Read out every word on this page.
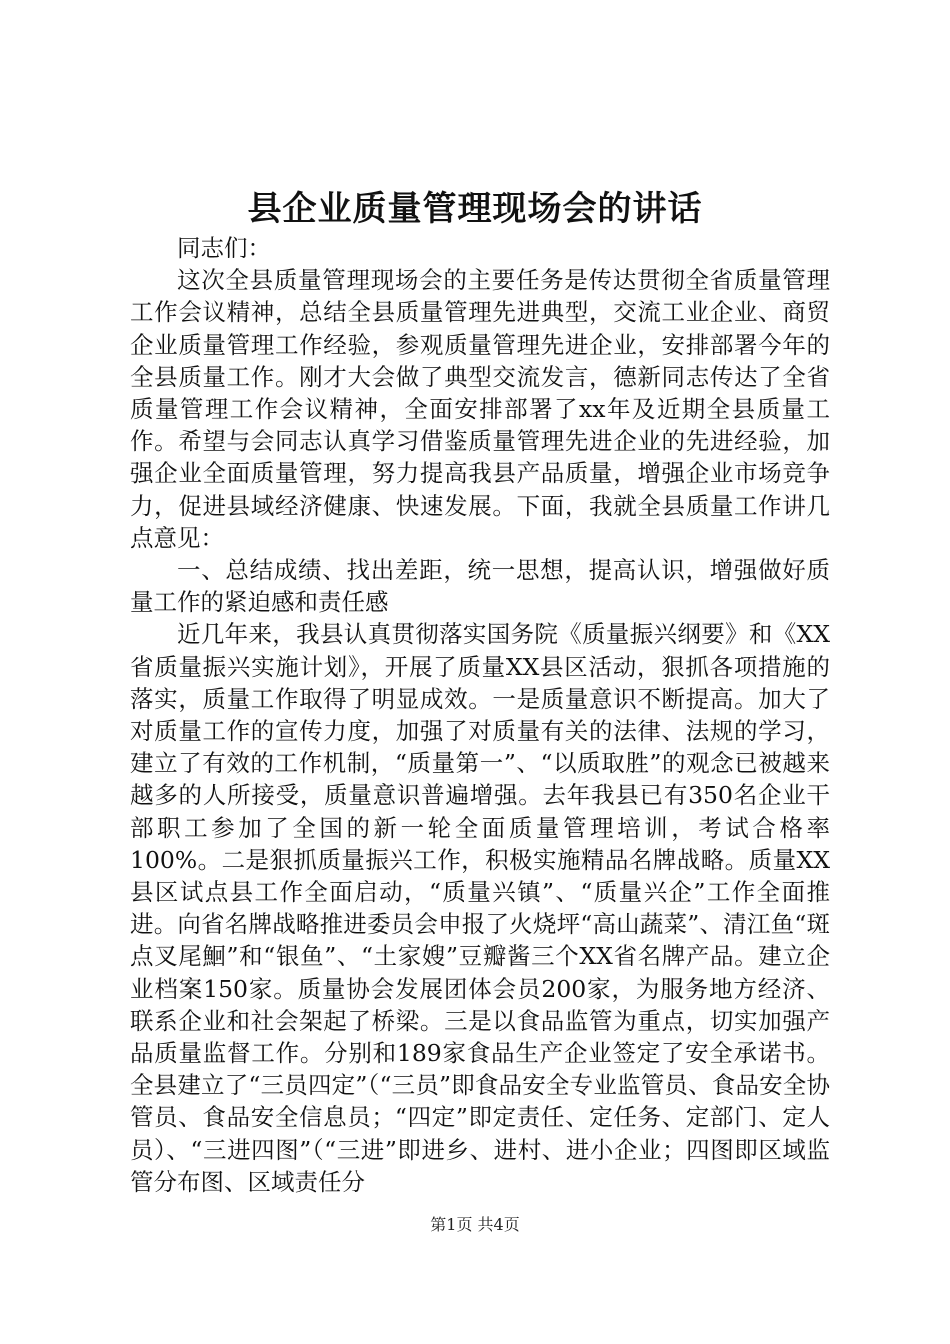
县企业质量管理现场会的讲话

同志们：

这次全县质量管理现场会的主要任务是传达贯彻全省质量管理工作会议精神，总结全县质量管理先进典型，交流工业企业、商贸企业质量管理工作经验，参观质量管理先进企业，安排部署今年的全县质量工作。刚才大会做了典型交流发言，德新同志传达了全省质量管理工作会议精神，全面安排部署了xx年及近期全县质量工作。希望与会同志认真学习借鉴质量管理先进企业的先进经验，加强企业全面质量管理，努力提高我县产品质量，增强企业市场竞争力，促进县域经济健康、快速发展。下面，我就全县质量工作讲几点意见：

一、总结成绩、找出差距，统一思想，提高认识，增强做好质量工作的紧迫感和责任感

近几年来，我县认真贯彻落实国务院《质量振兴纲要》和《XX省质量振兴实施计划》，开展了质量XX县区活动，狠抓各项措施的落实，质量工作取得了明显成效。一是质量意识不断提高。加大了对质量工作的宣传力度，加强了对质量有关的法律、法规的学习，建立了有效的工作机制，“质量第一”、“以质取胜”的观念已被越来越多的人所接受，质量意识普遍增强。去年我县已有350名企业干部职工参加了全国的新一轮全面质量管理培训，考试合格率100%。二是狠抓质量振兴工作，积极实施精品名牌战略。质量XX县区试点县工作全面启动，“质量兴镇”、“质量兴企”工作全面推进。向省名牌战略推进委员会申报了火烧坪“高山蔬菜”、清江鱼“斑点叉尾鮰”和“银鱼”、“土家嫂”豆瓣酱三个XX省名牌产品。建立企业档案150家。质量协会发展团体会员200家，为服务地方经济、联系企业和社会架起了桥梁。三是以食品监管为重点，切实加强产品质量监督工作。分别和189家食品生产企业签定了安全承诺书。全县建立了“三员四定”（“三员”即食品安全专业监管员、食品安全协管员、食品安全信息员；“四定”即定责任、定任务、定部门、定人员）、“三进四图”（“三进”即进乡、进村、进小企业；四图即区域监管分布图、区域责任分

第1页 共4页
